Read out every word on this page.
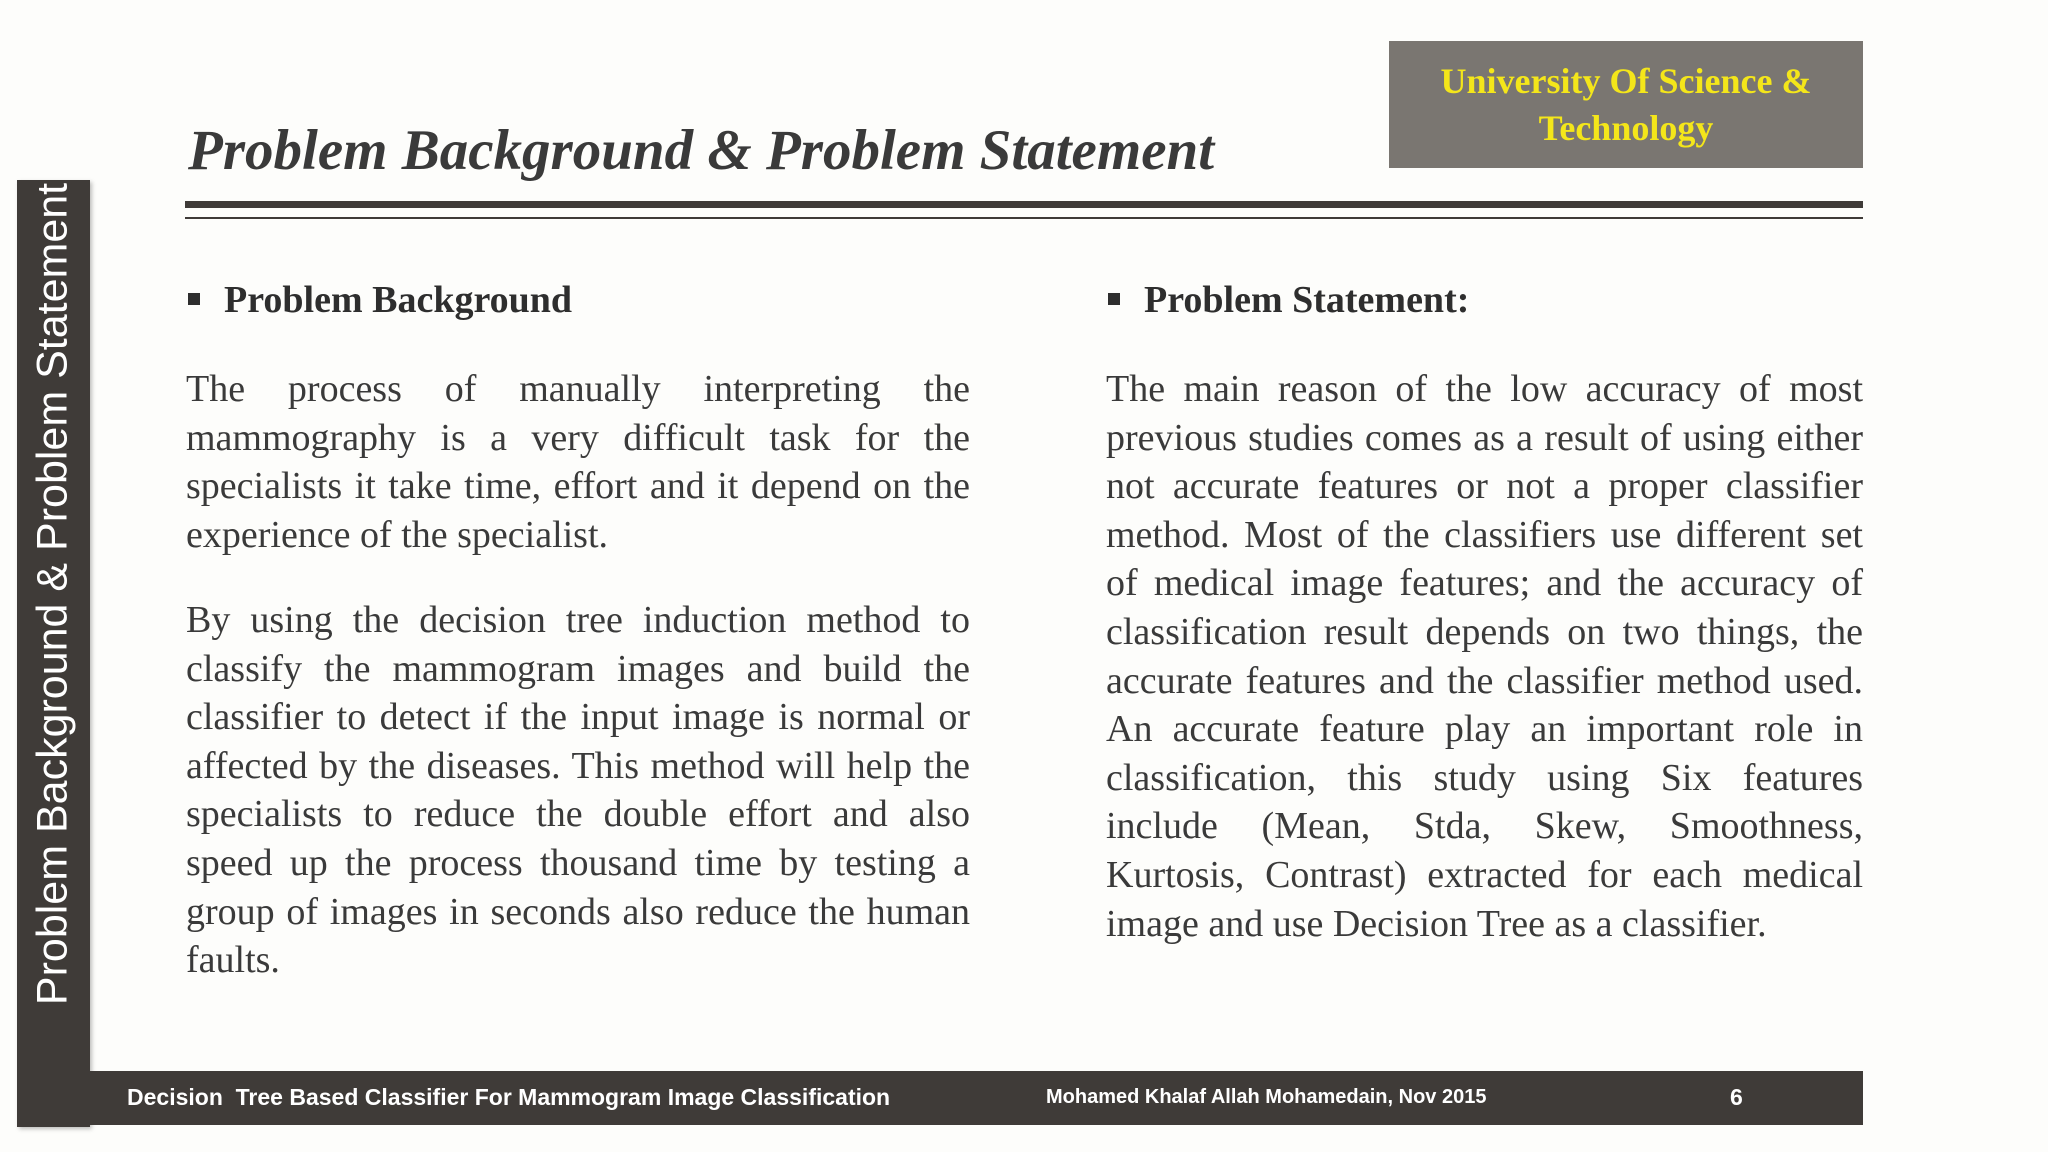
Problem Background & Problem Statement
University Of Science & Technology
Problem Background & Problem Statement
Problem Background

The process of manually interpreting the mammography is a very difficult task for the specialists it take time, effort and it depend on the experience of the specialist.

By using the decision tree induction method to classify the mammogram images and build the classifier to detect if the input image is normal or affected by the diseases. This method will help the specialists to reduce the double effort and also speed up the process thousand time by testing a group of images in seconds also reduce the human faults.

Problem Statement:

The main reason of the low accuracy of most previous studies comes as a result of using either not accurate features or not a proper classifier method. Most of the classifiers use different set of medical image features; and the accuracy of classification result depends on two things, the accurate features and the classifier method used. An accurate feature play an important role in classification, this study using Six features include (Mean, Stda, Skew, Smoothness, Kurtosis, Contrast) extracted for each medical image and use Decision Tree as a classifier.

Decision  Tree Based Classifier For Mammogram Image Classification	Mohamed Khalaf Allah Mohamedain, Nov 2015	6
